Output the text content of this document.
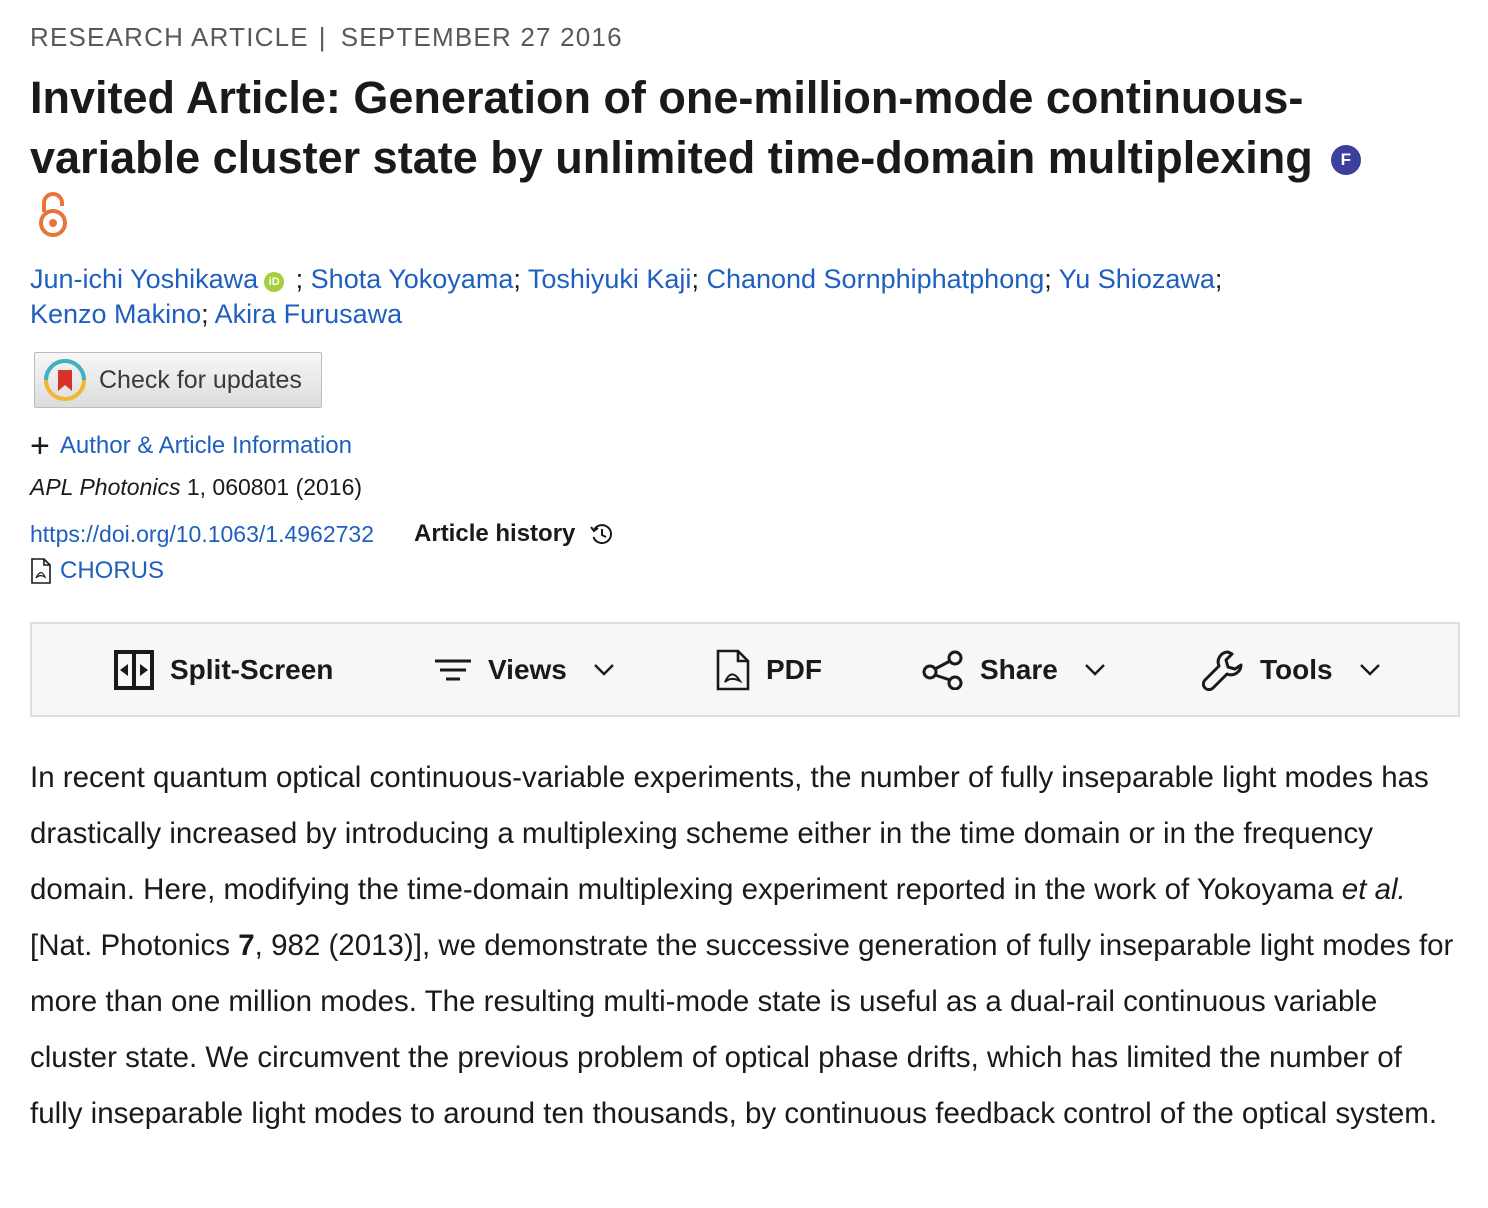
RESEARCH ARTICLE | SEPTEMBER 27 2016
Invited Article: Generation of one-million-mode continuous-variable cluster state by unlimited time-domain multiplexing F
Jun-ichi Yoshikawa iD ; Shota Yokoyama; Toshiyuki Kaji; Chanond Sornphiphatphong; Yu Shiozawa;
Kenzo Makino; Akira Furusawa
Check for updates
+ Author & Article Information
APL Photonics 1, 060801 (2016)
https://doi.org/10.1063/1.4962732 Article history
CHORUS
Split-Screen	Views	PDF	Share	Tools

In recent quantum optical continuous-variable experiments, the number of fully inseparable light modes has drastically increased by introducing a multiplexing scheme either in the time domain or in the frequency domain. Here, modifying the time-domain multiplexing experiment reported in the work of Yokoyama et al. [Nat. Photonics 7, 982 (2013)], we demonstrate the successive generation of fully inseparable light modes for more than one million modes. The resulting multi-mode state is useful as a dual-rail continuous variable cluster state. We circumvent the previous problem of optical phase drifts, which has limited the number of fully inseparable light modes to around ten thousands, by continuous feedback control of the optical system.
